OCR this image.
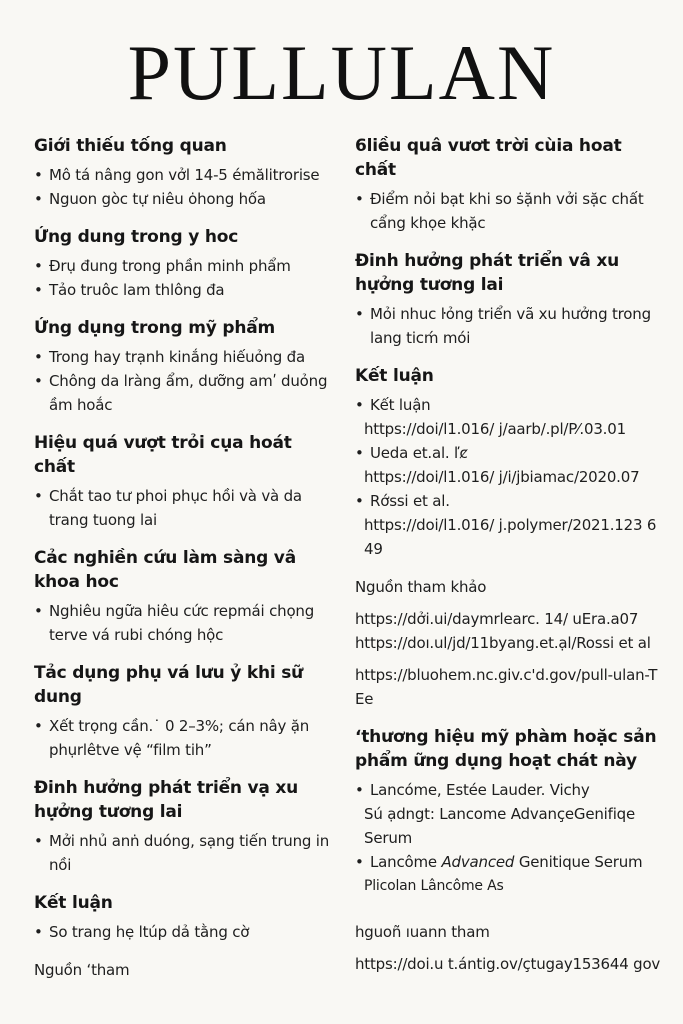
PULLULAN
Giới thiếu tống quan
• Mô tá nâng gon vởl 14-5 émălitrorise
• Nguon gòc tự niêu ȯhong hốa
Ứng dung trong y hoc
• Đrụ đung trong phần minh phẩm
• Tảo truôc lam thlông đa
Ứng dụng trong mỹ phẩm
• Trong hay trạnh kinắng hiếuỏng đa
• Chông da lràng ẩm, dưỡng amʹ duỏng ầm hoắc
Hiệu quá vượt trỏi cụa hoát chất
• Chắt tao tư phoi phục hồi và và da trang tuong lai
Cảc nghiền cứu làm sàng vâ khoa hoc
• Nghiêu ngữa hiêu cức repmái chọng terve vá rubi chóng hộc
Tảc dụng phụ vá lưu ỷ khi sữ dung
• Xết trọng cần.˙ 0 2–3%; cán nây ặn phụrlêtve vệ “film tih”
Đinh hưởng phát triển vạ xu hựởng tương lai
• Mởi nhủ anṅ duóng, sạng tiến trung in nồi
Kết luận
• So trang hẹ ltúp dả tằng cờ

Nguồn ʻtham

6liều quâ vươt trời cùia hoat chất
• Điểm nỏi bạt khi so ṡặnh vởi sặc chất cẩng khọe khặc
Đinh hưởng phát triển vâ xu hựởng tương lai
• Mỏi nhuc ŀỏng triển vã xu hưởng trong lang ticḿ mói
Kết luận
• Kết luận
https://doi/l1.016/ j/aarb/.pl/P⁄.03.01
• Ueda et.al. ľȼ
https://doi/l1.016/ j/i/jbiamac/2020.07
• Rớssi et al.
https://doi/l1.016/ j.polymer/2021.123 649

Nguồn tham khảo

https://dởi.ui/daymrlearc. 14/ uEra.a07

https://doı.ul/jd/11byang.et.ạl/Rossi et al

https://bluohem.nc.giv.c'd.gov/pull-ulan-TEe

ʻthương hiệu mỹ phàm hoặc sản phẩm ững dụng hoạt chát này
• Lancóme, Estée Lauder. Vichy
Sú ạdngt: Lancome AdvançeGenifiqe Serum
• Lancôme Advanced Genitique Serum
Plicolan Lâncôme As

hguoñ ıuann tham

https://doi.u t.ántig.ov/çtugay153644 gov
